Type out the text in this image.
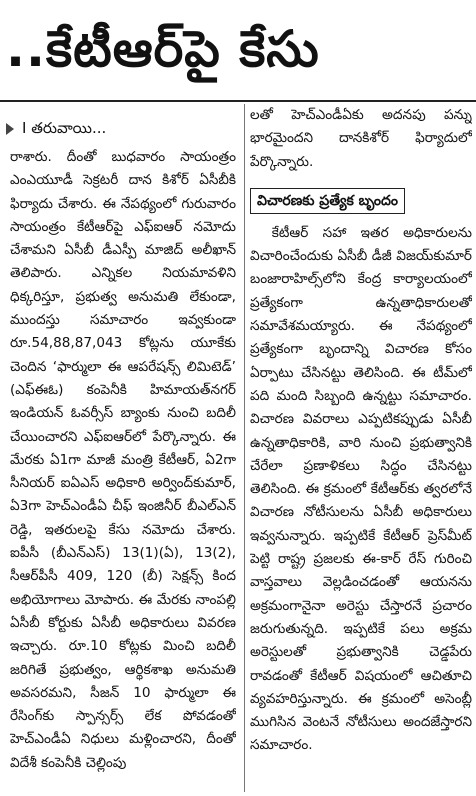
..కేటీఆర్‌పై కేసు
I తరువాయి...

రాశారు. దీంతో బుధవారం సాయంత్రం ఎంఎయూడీ సెక్రటరీ దాన కిశోర్ ఏసీబీకి ఫిర్యాదు చేశారు. ఈ నేపథ్యంలో గురువారం సాయంత్రం కేటీఆర్‌పై ఎఫ్ఐఆర్ నమోదు చేశామని ఏసీబీ డీఎస్పీ మాజిద్ అలీఖాన్ తెలిపారు. ఎన్నికల నియమావళిని ధిక్కరిస్తూ, ప్రభుత్వ అనుమతి లేకుండా, ముందస్తు సమాచారం ఇవ్వకుండా రూ.54,88,87,043 కోట్లను యూకేకు చెందిన ‘ఫార్ములా ఈ ఆపరేషన్స్ లిమిటెడ్’ (ఎఫ్ఈఓ) కంపెనీకి హిమాయత్‌నగర్ ఇండియన్ ఓవర్సీస్ బ్యాంకు నుంచి బదిలీ చేయించారని ఎఫ్ఐఆర్‌లో పేర్కొన్నారు. ఈ మేరకు ఏ1గా మాజీ మంత్రి కేటీఆర్, ఏ2గా సీనియర్ ఐఏఎస్ అధికారి అర్వింద్‌కుమార్, ఏ3గా హెచ్‌ఎండీఏ చీఫ్ ఇంజినీర్ బీఎల్ఎన్ రెడ్డి, ఇతరులపై కేసు నమోదు చేశారు. ఐపీసీ (బీఎన్ఎస్) 13(1)(ఏ), 13(2), సీఆర్‌పీసీ 409, 120 (బీ) సెక్షన్స్ కింద అభియోగాలు మోపారు. ఈ మేరకు నాంపల్లి ఏసీబీ కోర్టుకు ఏసీబీ అధికారులు వివరణ ఇచ్చారు. రూ.10 కోట్లకు మించి బదిలీ జరిగితే ప్రభుత్వం, ఆర్థికశాఖ అనుమతి అవసరమని, సీజన్ 10 ఫార్ములా ఈ రేసింగ్‌కు స్పాన్సర్స్ లేక పోవడంతో హెచ్‌ఎండీఏ నిధులు మళ్లించారని, దీంతో విదేశీ కంపెనీకి చెల్లింపు

లతో హెచ్‌ఎండీఏకు అదనపు పన్ను భారమైందని దానకిశోర్ ఫిర్యాదులో పేర్కొన్నారు.

విచారణకు ప్రత్యేక బృందం

కేటీఆర్ సహా ఇతర అధికారులను విచారించేందుకు ఏసీబీ డీజీ విజయ్‌కుమార్ బంజారాహిల్స్‌లోని కేంద్ర కార్యాలయంలో ప్రత్యేకంగా ఉన్నతాధికారులతో సమావేశమయ్యారు. ఈ నేపథ్యంలో ప్రత్యేకంగా బృందాన్ని విచారణ కోసం ఏర్పాటు చేసినట్టు తెలిసింది. ఈ టీమ్‌లో పది మంది సిబ్బంది ఉన్నట్టు సమాచారం. విచారణ వివరాలు ఎప్పటికప్పుడు ఏసీబీ ఉన్నతాధికారికి, వారి నుంచి ప్రభుత్వానికి చేరేలా ప్రణాళికలు సిద్ధం చేసినట్టు తెలిసింది. ఈ క్రమంలో కేటీఆర్‌కు త్వరలోనే విచారణ నోటీసులను ఏసీబీ అధికారులు ఇవ్వనున్నారు. ఇప్పటికే కేటీఆర్ ప్రెస్‌మీట్ పెట్టి రాష్ట్ర ప్రజలకు ఈ-కార్ రేస్ గురించి వాస్తవాలు వెల్లడించడంతో ఆయనను అక్రమంగానైనా అరెస్టు చేస్తారనే ప్రచారం జరుగుతున్నది. ఇప్పటికే పలు అక్రమ అరెస్టులతో ప్రభుత్వానికి చెడ్డపేరు రావడంతో కేటీఆర్ విషయంలో ఆచితూచి వ్యవహరిస్తున్నారు. ఈ క్రమంలో అసెంబ్లీ ముగిసిన వెంటనే నోటీసులు అందజేస్తారని సమాచారం.
